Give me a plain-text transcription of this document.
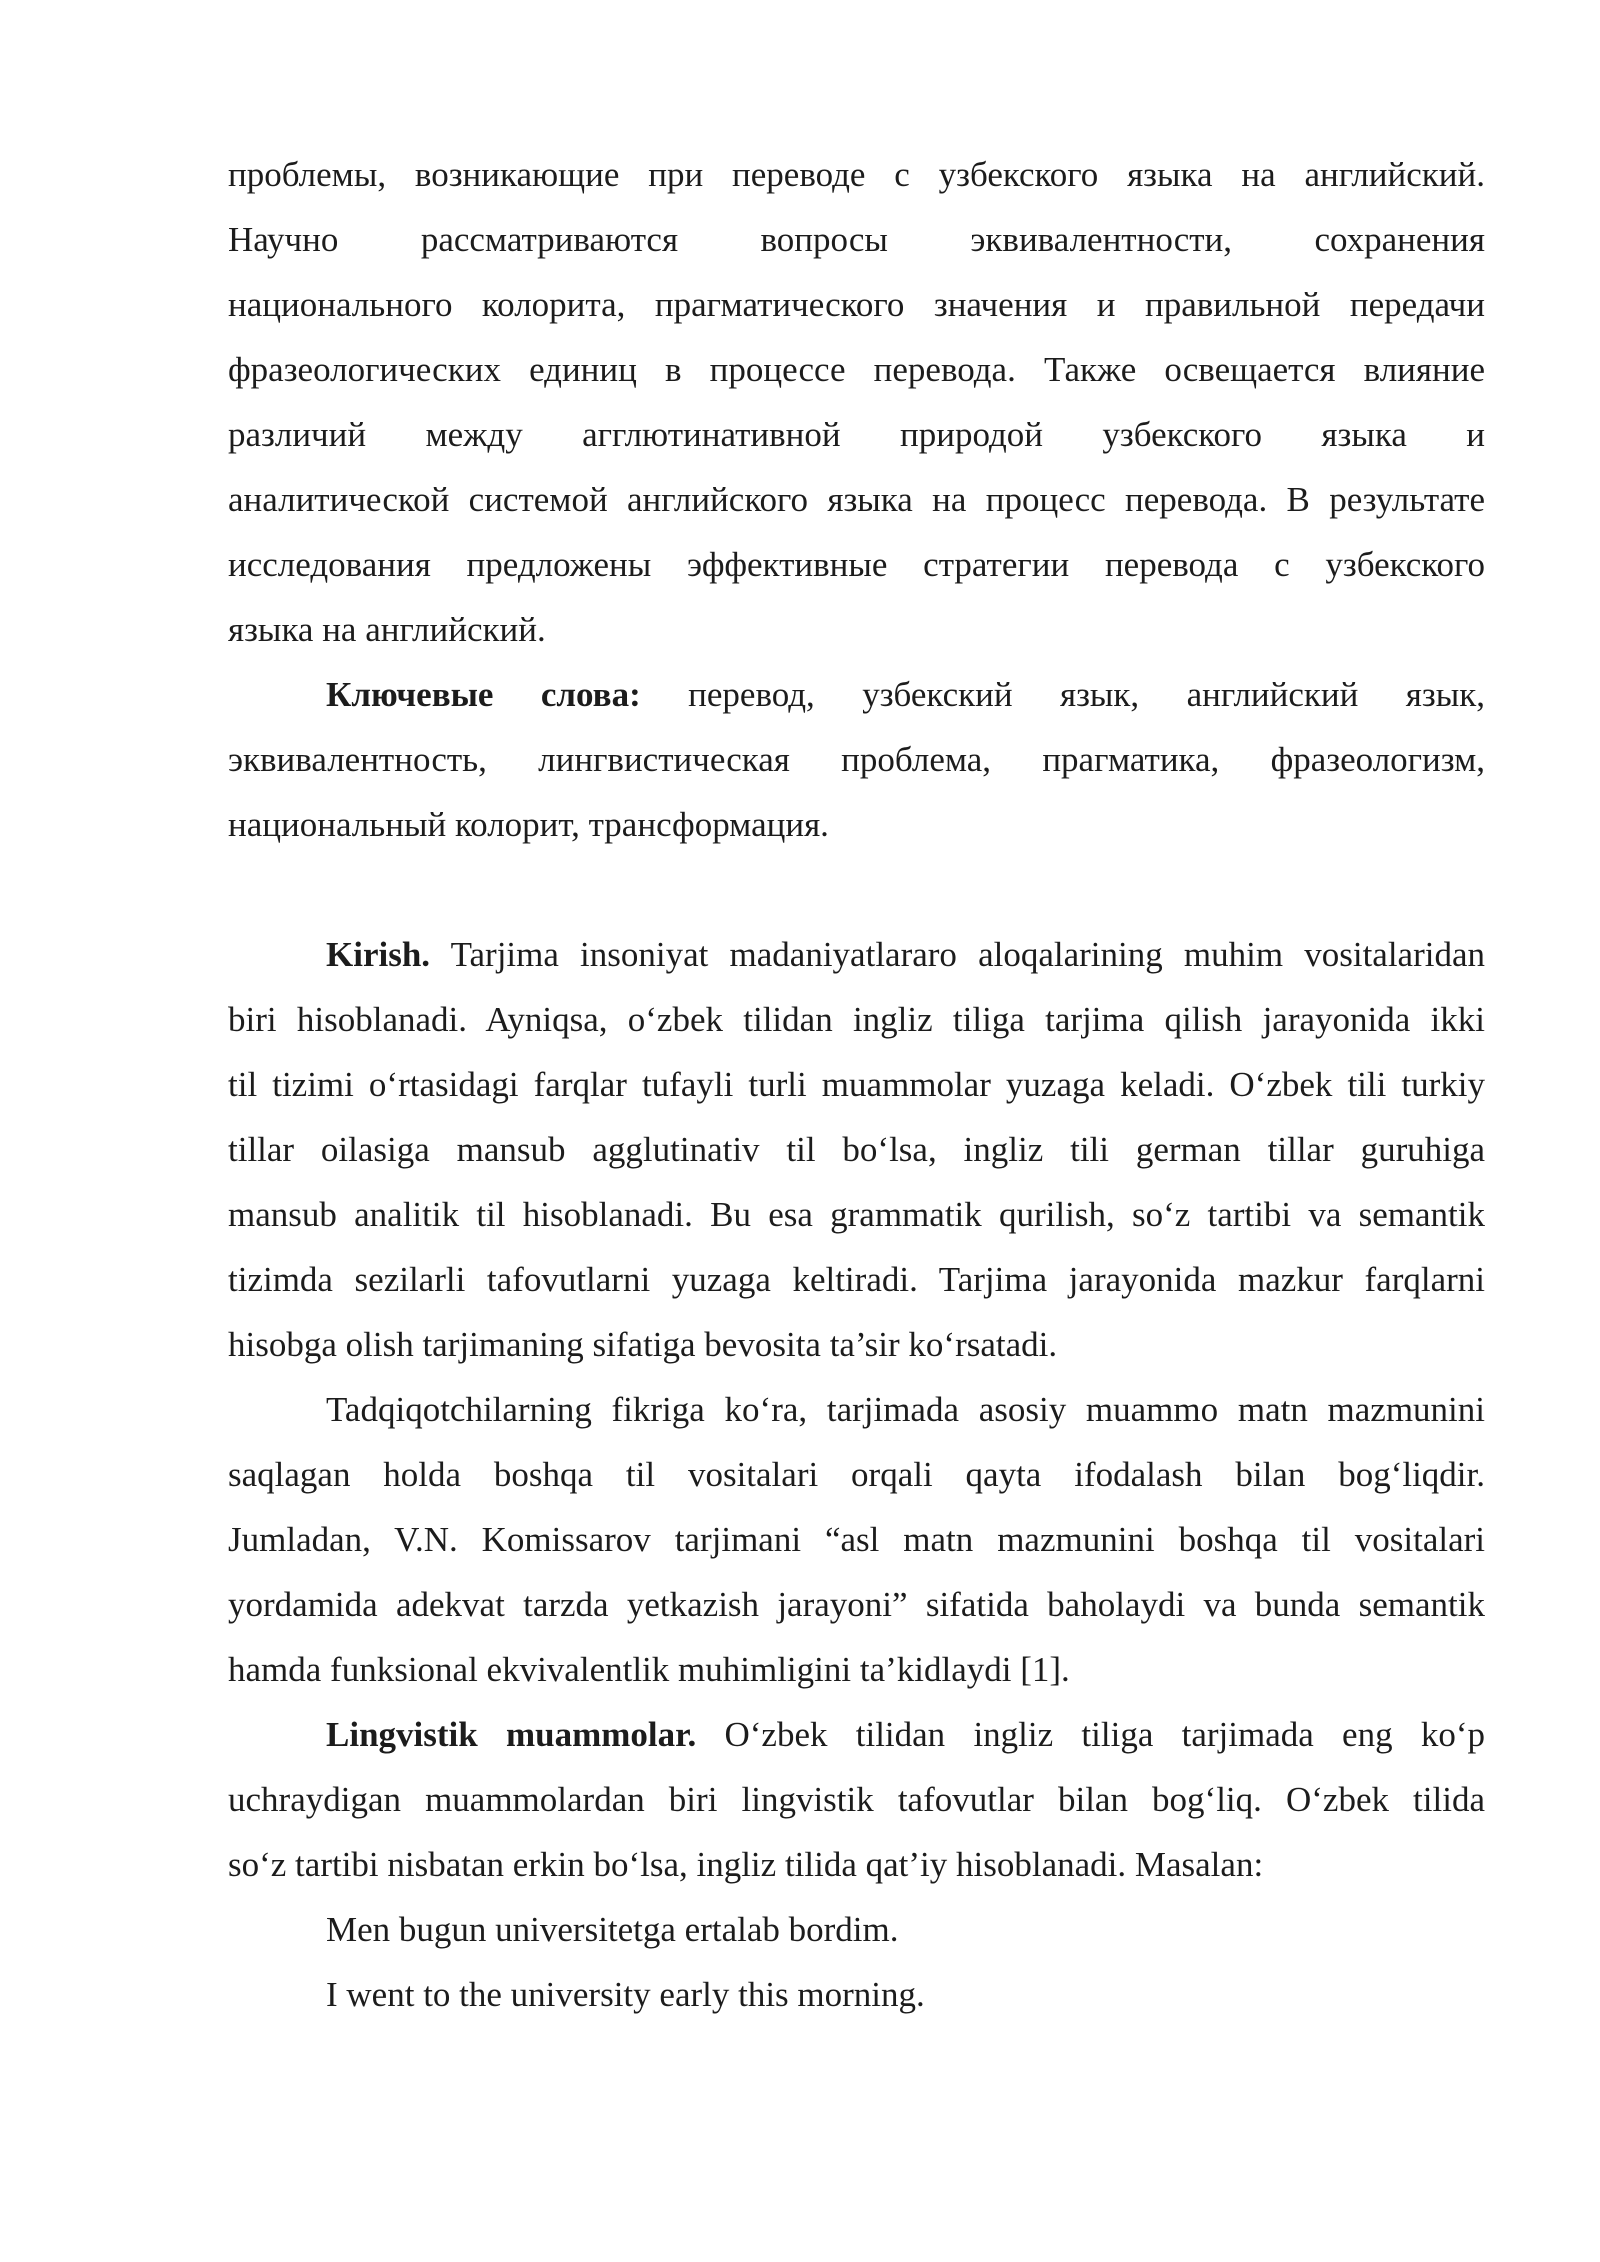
проблемы, возникающие при переводе с узбекского языка на английский.
Научно рассматриваются вопросы эквивалентности, сохранения
национального колорита, прагматического значения и правильной передачи
фразеологических единиц в процессе перевода. Также освещается влияние
различий между агглютинативной природой узбекского языка и
аналитической системой английского языка на процесс перевода. В результате
исследования предложены эффективные стратегии перевода с узбекского
языка на английский.
Ключевые слова: перевод, узбекский язык, английский язык,
эквивалентность, лингвистическая проблема, прагматика, фразеологизм,
национальный колорит, трансформация.
Kirish. Tarjima insoniyat madaniyatlararo aloqalarining muhim vositalaridan
biri hisoblanadi. Ayniqsa, o‘zbek tilidan ingliz tiliga tarjima qilish jarayonida ikki
til tizimi o‘rtasidagi farqlar tufayli turli muammolar yuzaga keladi. O‘zbek tili turkiy
tillar oilasiga mansub agglutinativ til bo‘lsa, ingliz tili german tillar guruhiga
mansub analitik til hisoblanadi. Bu esa grammatik qurilish, so‘z tartibi va semantik
tizimda sezilarli tafovutlarni yuzaga keltiradi. Tarjima jarayonida mazkur farqlarni
hisobga olish tarjimaning sifatiga bevosita ta’sir ko‘rsatadi.
Tadqiqotchilarning fikriga ko‘ra, tarjimada asosiy muammo matn mazmunini
saqlagan holda boshqa til vositalari orqali qayta ifodalash bilan bog‘liqdir.
Jumladan, V.N. Komissarov tarjimani “asl matn mazmunini boshqa til vositalari
yordamida adekvat tarzda yetkazish jarayoni” sifatida baholaydi va bunda semantik
hamda funksional ekvivalentlik muhimligini ta’kidlaydi [1].
Lingvistik muammolar. O‘zbek tilidan ingliz tiliga tarjimada eng ko‘p
uchraydigan muammolardan biri lingvistik tafovutlar bilan bog‘liq. O‘zbek tilida
so‘z tartibi nisbatan erkin bo‘lsa, ingliz tilida qat’iy hisoblanadi. Masalan:
Men bugun universitetga ertalab bordim.
I went to the university early this morning.
